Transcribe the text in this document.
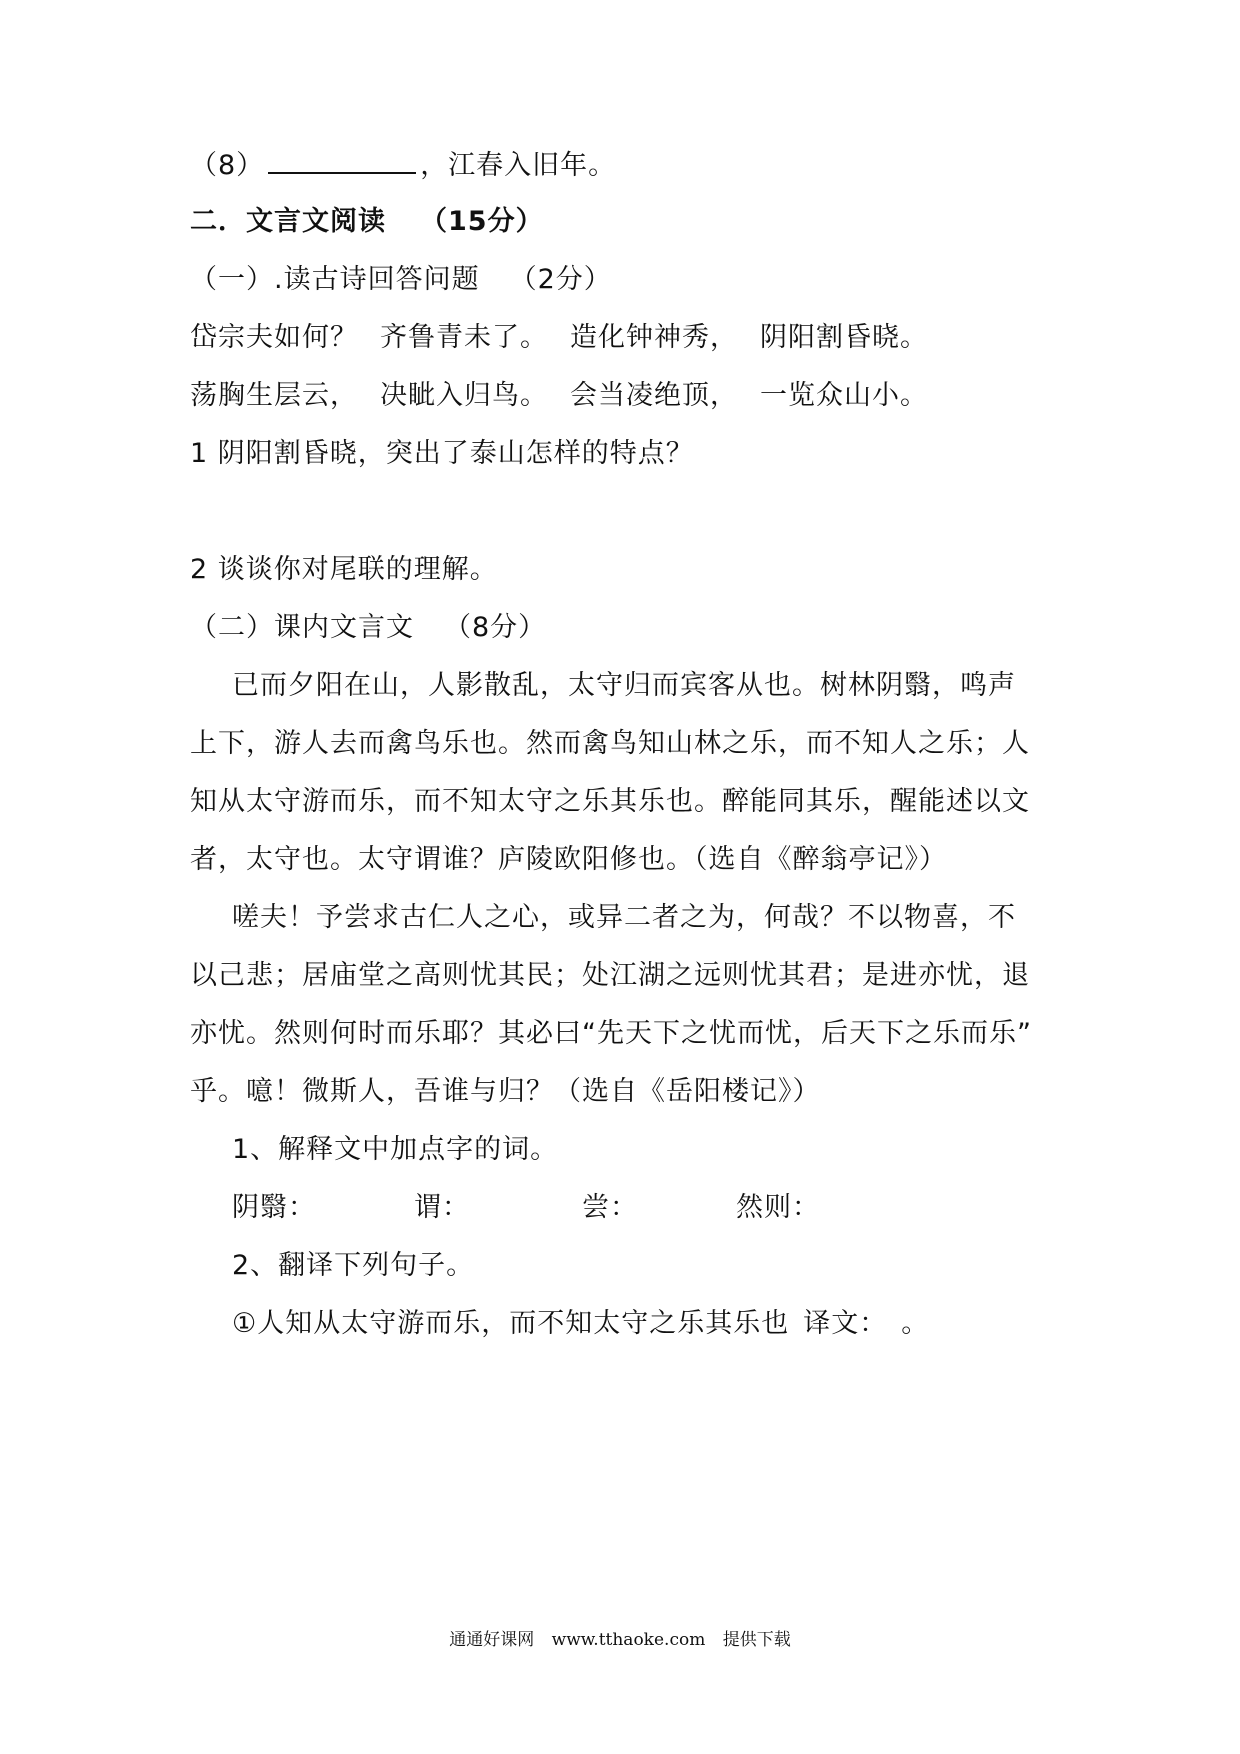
（8）	，江春入旧年。
二．文言文阅读 （15分）
（一）.读古诗回答问题 （2分）
岱宗夫如何？ 齐鲁青未了。 造化钟神秀， 阴阳割昏晓。
荡胸生层云， 决眦入归鸟。 会当凌绝顶， 一览众山小。
1 阴阳割昏晓，突出了泰山怎样的特点？
2 谈谈你对尾联的理解。
（二）课内文言文 （8分）
已而夕阳在山，人影散乱，太守归而宾客从也。树林阴翳，鸣声
上下，游人去而禽鸟乐也。然而禽鸟知山林之乐，而不知人之乐；人
知从太守游而乐，而不知太守之乐其乐也。醉能同其乐，醒能述以文
者，太守也。太守谓谁？庐陵欧阳修也。（选自《醉翁亭记》）
嗟夫！予尝求古仁人之心，或异二者之为，何哉？不以物喜，不
以己悲；居庙堂之高则忧其民；处江湖之远则忧其君；是进亦忧，退
亦忧。然则何时而乐耶？其必曰“先天下之忧而忧，后天下之乐而乐”
乎。噫！微斯人，吾谁与归？（选自《岳阳楼记》）
1、解释文中加点字的词。
阴翳：	谓：	尝：	然则：
2、翻译下列句子。
①人知从太守游而乐，而不知太守之乐其乐也 译文： 。
通通好课网 www.tthaoke.com 提供下载
